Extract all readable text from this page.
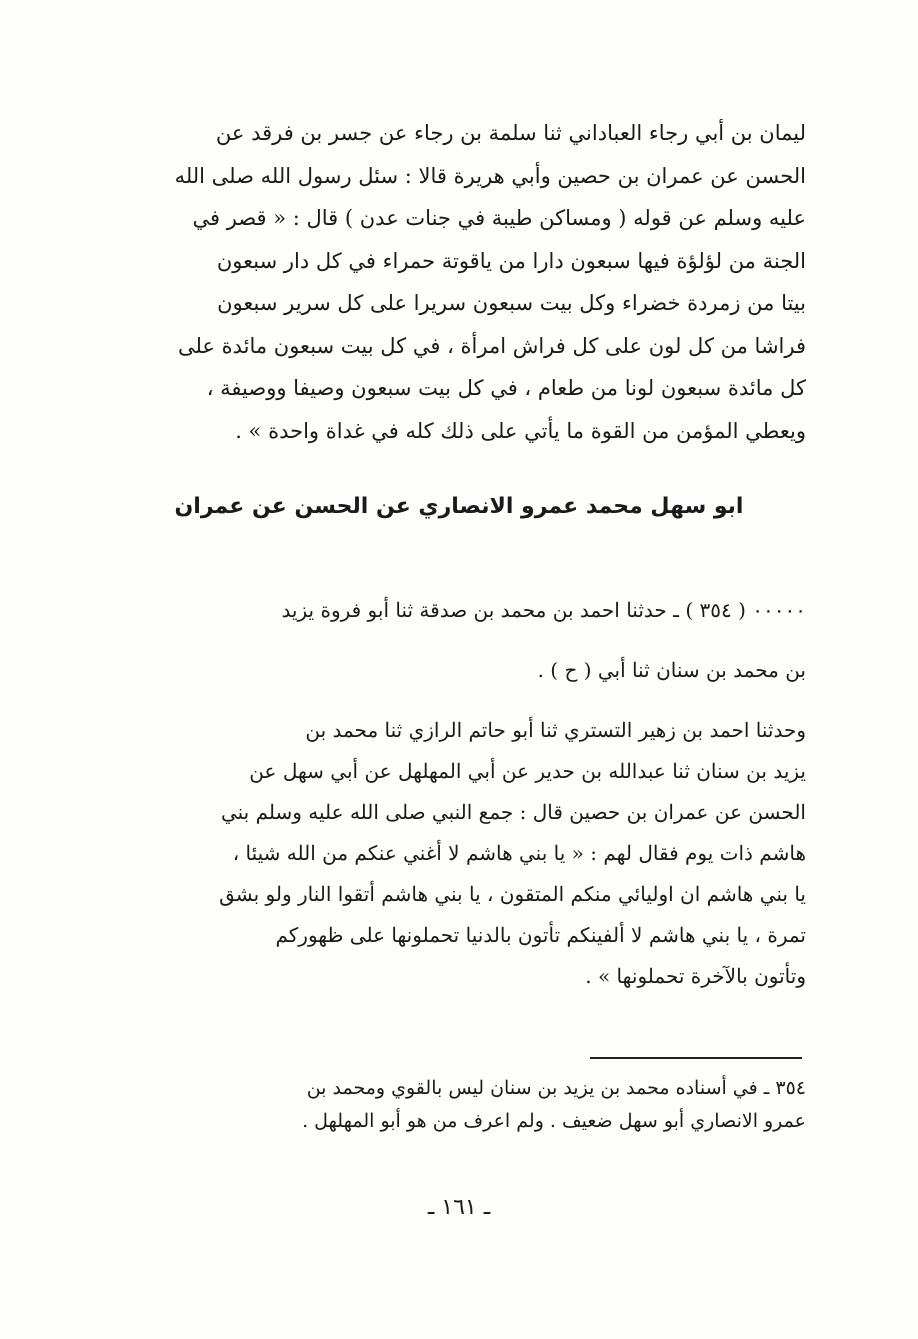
ليمان بن أبي رجاء العباداني ثنا سلمة بن رجاء عن جسر بن فرقد عن
الحسن عن عمران بن حصين وأبي هريرة قالا : سئل رسول الله صلى الله
عليه وسلم عن قوله ( ومساكن طيبة في جنات عدن ) قال : « قصر في
الجنة من لؤلؤة فيها سبعون دارا من ياقوتة حمراء في كل دار سبعون
بيتا من زمردة خضراء وكل بيت سبعون سريرا على كل سرير سبعون
فراشا من كل لون على كل فراش امرأة ، في كل بيت سبعون مائدة على
كل مائدة سبعون لونا من طعام ، في كل بيت سبعون وصيفا ووصيفة ،
ويعطي المؤمن من القوة ما يأتي على ذلك كله في غداة واحدة » .
ابو سهل محمد عمرو الانصاري عن الحسن عن عمران
٠٠٠٠٠ ( ٣٥٤ ) ـ حدثنا احمد بن محمد بن صدقة ثنا أبو فروة يزيد
بن محمد بن سنان ثنا أبي ( ح ) .
وحدثنا احمد بن زهير التستري ثنا أبو حاتم الرازي ثنا محمد بن
يزيد بن سنان ثنا عبدالله بن حدير عن أبي المهلهل عن أبي سهل عن
الحسن عن عمران بن حصين قال : جمع النبي صلى الله عليه وسلم بني
هاشم ذات يوم فقال لهم : « يا بني هاشم لا أغني عنكم من الله شيئا ،
يا بني هاشم ان اوليائي منكم المتقون ، يا بني هاشم أتقوا النار ولو بشق
تمرة ، يا بني هاشم لا ألفينكم تأتون بالدنيا تحملونها على ظهوركم
وتأتون بالآخرة تحملونها » .
٣٥٤ ـ في أسناده محمد بن يزيد بن سنان ليس بالقوي ومحمد بن
عمرو الانصاري أبو سهل ضعيف . ولم اعرف من هو أبو المهلهل .
ـ ١٦١ ـ
